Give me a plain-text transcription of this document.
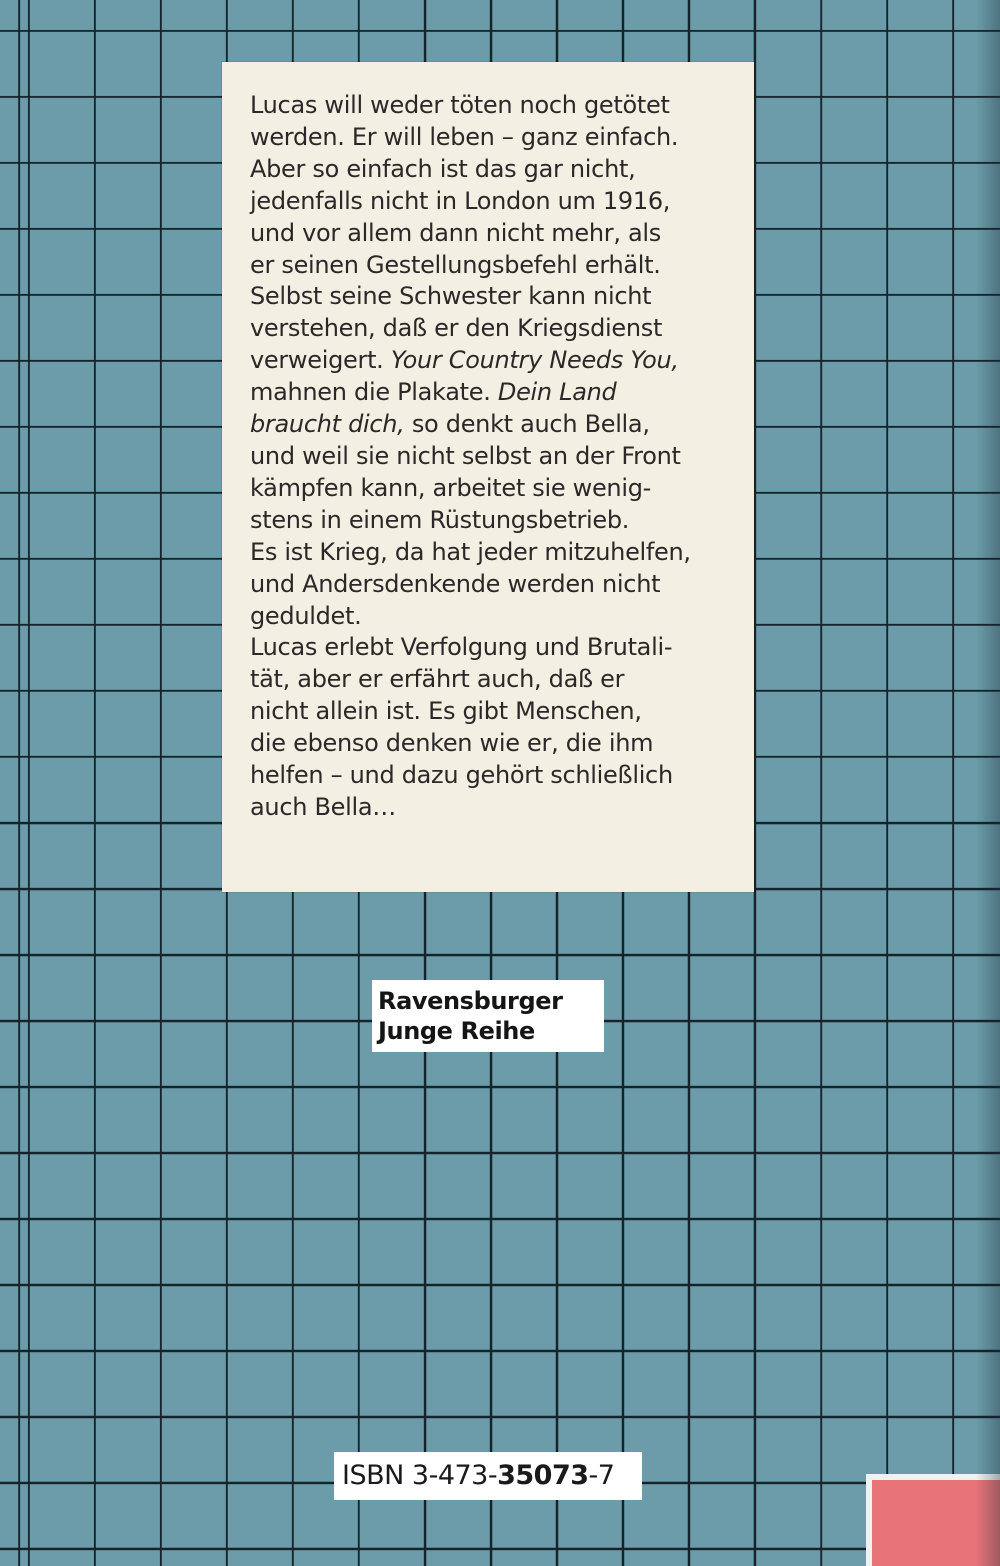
Lucas will weder töten noch getötet
werden. Er will leben – ganz einfach.
Aber so einfach ist das gar nicht,
jedenfalls nicht in London um 1916,
und vor allem dann nicht mehr, als
er seinen Gestellungsbefehl erhält.
Selbst seine Schwester kann nicht
verstehen, daß er den Kriegsdienst
verweigert. Your Country Needs You,
mahnen die Plakate. Dein Land
braucht dich, so denkt auch Bella,
und weil sie nicht selbst an der Front
kämpfen kann, arbeitet sie wenig-
stens in einem Rüstungsbetrieb.
Es ist Krieg, da hat jeder mitzuhelfen,
und Andersdenkende werden nicht
geduldet.
Lucas erlebt Verfolgung und Brutali-
tät, aber er erfährt auch, daß er
nicht allein ist. Es gibt Menschen,
die ebenso denken wie er, die ihm
helfen – und dazu gehört schließlich
auch Bella…
Ravensburger
Junge Reihe
ISBN 3-473-35073-7
